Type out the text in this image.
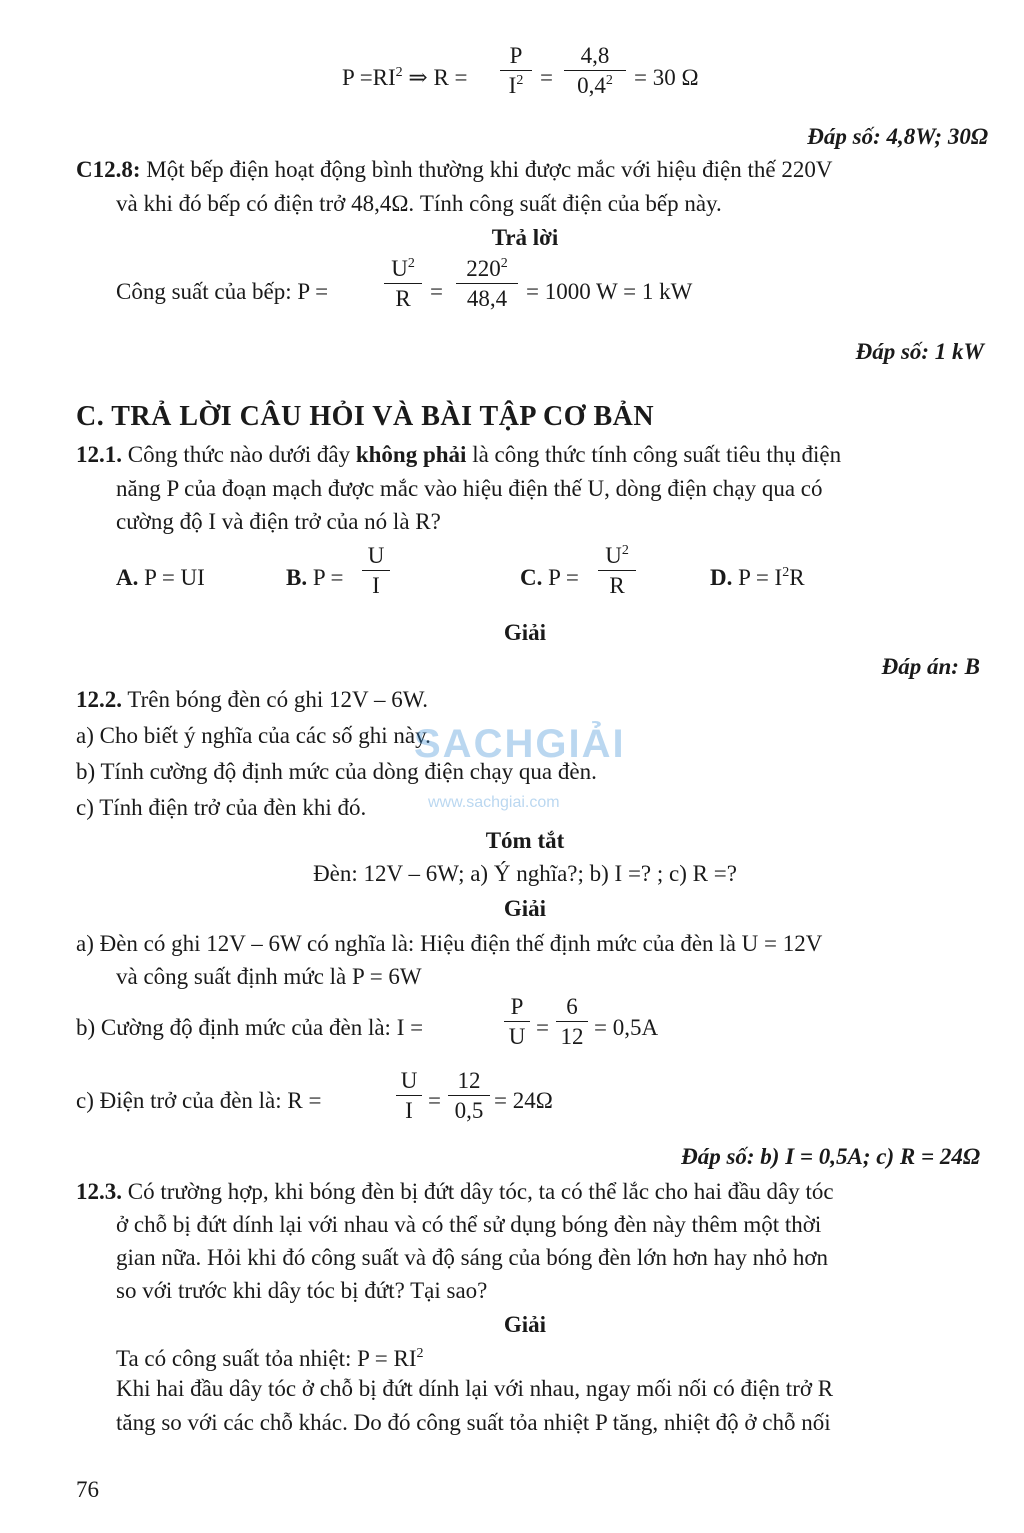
$P =RI^2$ ⇒ R =
P
$I^2$ =
4,8
$0,4^2 = 30$ Ω
Đáp số: 4,8W; 30Ω
C12.8: Một bếp điện hoạt động bình thường khi được mắc với hiệu điện thế 220V
và khi đó bếp có điện trở 48,4Ω. Tính công suất điện của bếp này.
Trả lời
Công suất của bếp: P =
$U^2$
R =
$220^2$
48,4 = 1000 W = 1 kW
Đáp số: 1 kW
C. TRẢ LỜI CÂU HỎI VÀ BÀI TẬP CƠ BẢN
12.1. Công thức nào dưới đây không phải là công thức tính công suất tiêu thụ điện
năng P của đoạn mạch được mắc vào hiệu điện thế U, dòng điện chạy qua có
cường độ I và điện trở của nó là R?
A. P = UI	B. P =
U
I	C. P =
$U^2$
R	D. $P = I^2R$
Giải
Đáp án: B
12.2. Trên bóng đèn có ghi 12V – 6W.
a) Cho biết ý nghĩa của các số ghi này.
b) Tính cường độ định mức của dòng điện chạy qua đèn.
c) Tính điện trở của đèn khi đó.
SACHGIẢI
www.sachgiai.com
Tóm tắt
Đèn: 12V – 6W; a) Ý nghĩa?; b) I =? ; c) R =?
Giải
a) Đèn có ghi 12V – 6W có nghĩa là: Hiệu điện thế định mức của đèn là U = 12V
và công suất định mức là P = 6W
b) Cường độ định mức của đèn là: I =
P
U =
6
12 = 0,5A
c) Điện trở của đèn là: R =
U
I =
12
0,5 = 24Ω
Đáp số: b) I = 0,5A; c) R = 24Ω
12.3. Có trường hợp, khi bóng đèn bị đứt dây tóc, ta có thể lắc cho hai đầu dây tóc
ở chỗ bị đứt dính lại với nhau và có thể sử dụng bóng đèn này thêm một thời
gian nữa. Hỏi khi đó công suất và độ sáng của bóng đèn lớn hơn hay nhỏ hơn
so với trước khi dây tóc bị đứt? Tại sao?
Giải
Ta có công suất tỏa nhiệt: $P = RI^2$
Khi hai đầu dây tóc ở chỗ bị đứt dính lại với nhau, ngay mối nối có điện trở R
tăng so với các chỗ khác. Do đó công suất tỏa nhiệt P tăng, nhiệt độ ở chỗ nối
76
